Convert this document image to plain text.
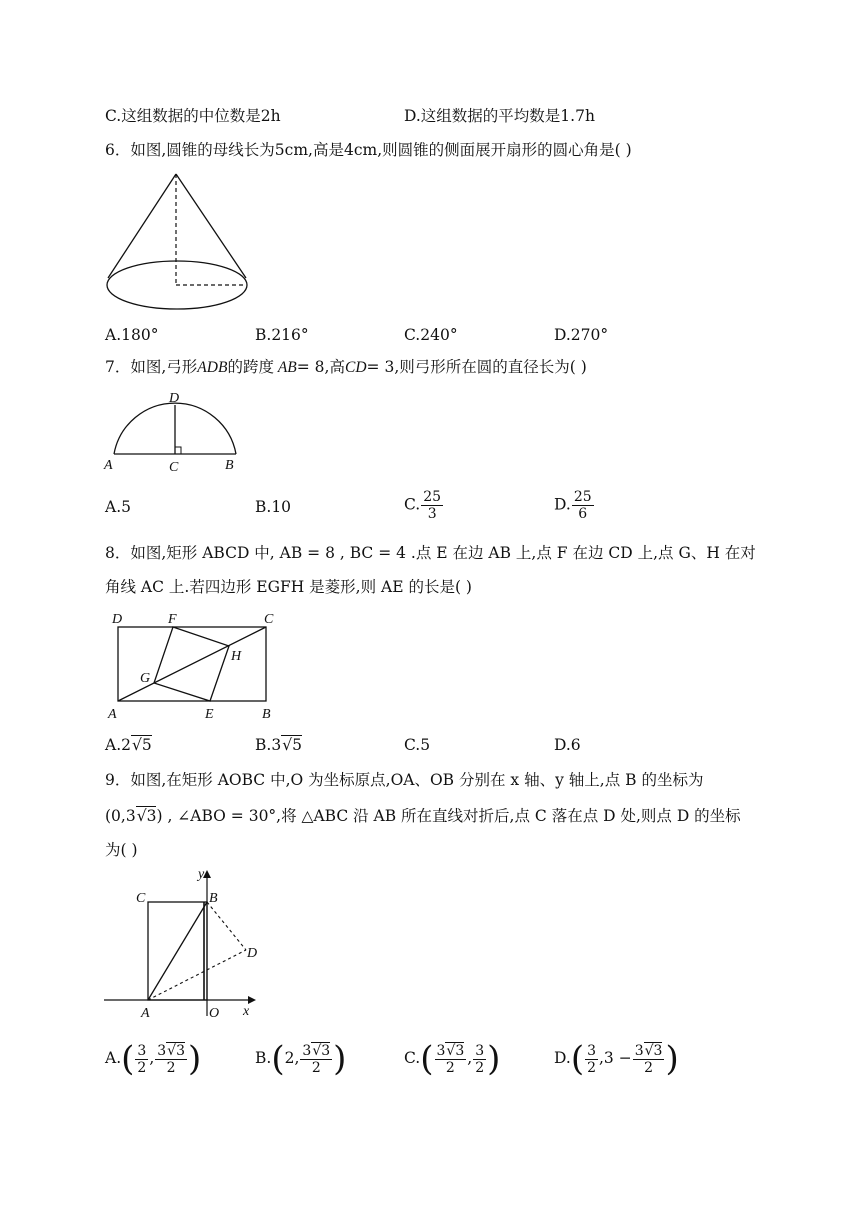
C.这组数据的中位数是2h	D.这组数据的平均数是1.7h
6．如图,圆锥的母线长为5cm,高是4cm,则圆锥的侧面展开扇形的圆心角是( )
A.180°	B.216°	C.240°	D.270°
7．如图,弓形ADB的跨度 AB= 8,高CD= 3,则弓形所在圆的直径长为( )
D
A	C	B
A.5	B.10	C. $\frac{25}{3}$	D. $\frac{25}{6}$
8．如图,矩形 ABCD 中, AB = 8 , BC = 4 .点 E 在边 AB 上,点 F 在边 CD 上,点 G、H 在对
角线 AC 上.若四边形 EGFH 是菱形,则 AE 的长是( )
D	F	C
H
G
A	E	B
A.2√5	B.3√5	C.5	D.6
9．如图,在矩形 AOBC 中,O 为坐标原点,OA、OB 分别在 x 轴、y 轴上,点 B 的坐标为
(0,3√3) , ∠ABO = 30°,将 △ABC 沿 AB 所在直线对折后,点 C 落在点 D 处,则点 D 的坐标
为( )
y
C	B
D
A	O x
$A.( \frac{3}{2}$ , $\frac{3√3}{2}$ )	B.(2, $\frac{3√3}{2}$ )	$C.( \frac{3√3}{2}$ , $\frac{3}{2}$ )	$D.( \frac{3}{2} ,3 - \frac{3√3}{2}$ )
